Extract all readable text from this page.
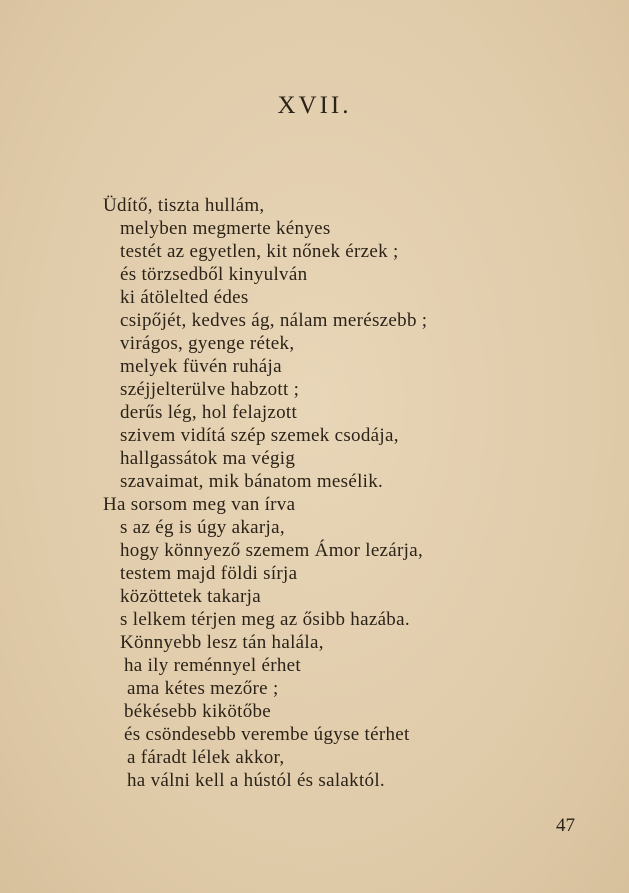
XVII.
Üdítő, tiszta hullám,
melyben megmerte kényes
testét az egyetlen, kit nőnek érzek ;
és törzsedből kinyulván
ki átölelted édes
csipőjét, kedves ág, nálam merészebb ;
virágos, gyenge rétek,
melyek füvén ruhája
széjjelterülve habzott ;
derűs lég, hol felajzott
szivem vidítá szép szemek csodája,
hallgassátok ma végig
szavaimat, mik bánatom mesélik.
Ha sorsom meg van írva
s az ég is úgy akarja,
hogy könnyező szemem Ámor lezárja,
testem majd földi sírja
közöttetek takarja
s lelkem térjen meg az ősibb hazába.
Könnyebb lesz tán halála,
ha ily reménnyel érhet
ama kétes mezőre ;
békésebb kikötőbe
és csöndesebb verembe úgyse térhet
a fáradt lélek akkor,
ha válni kell a hústól és salaktól.
47
